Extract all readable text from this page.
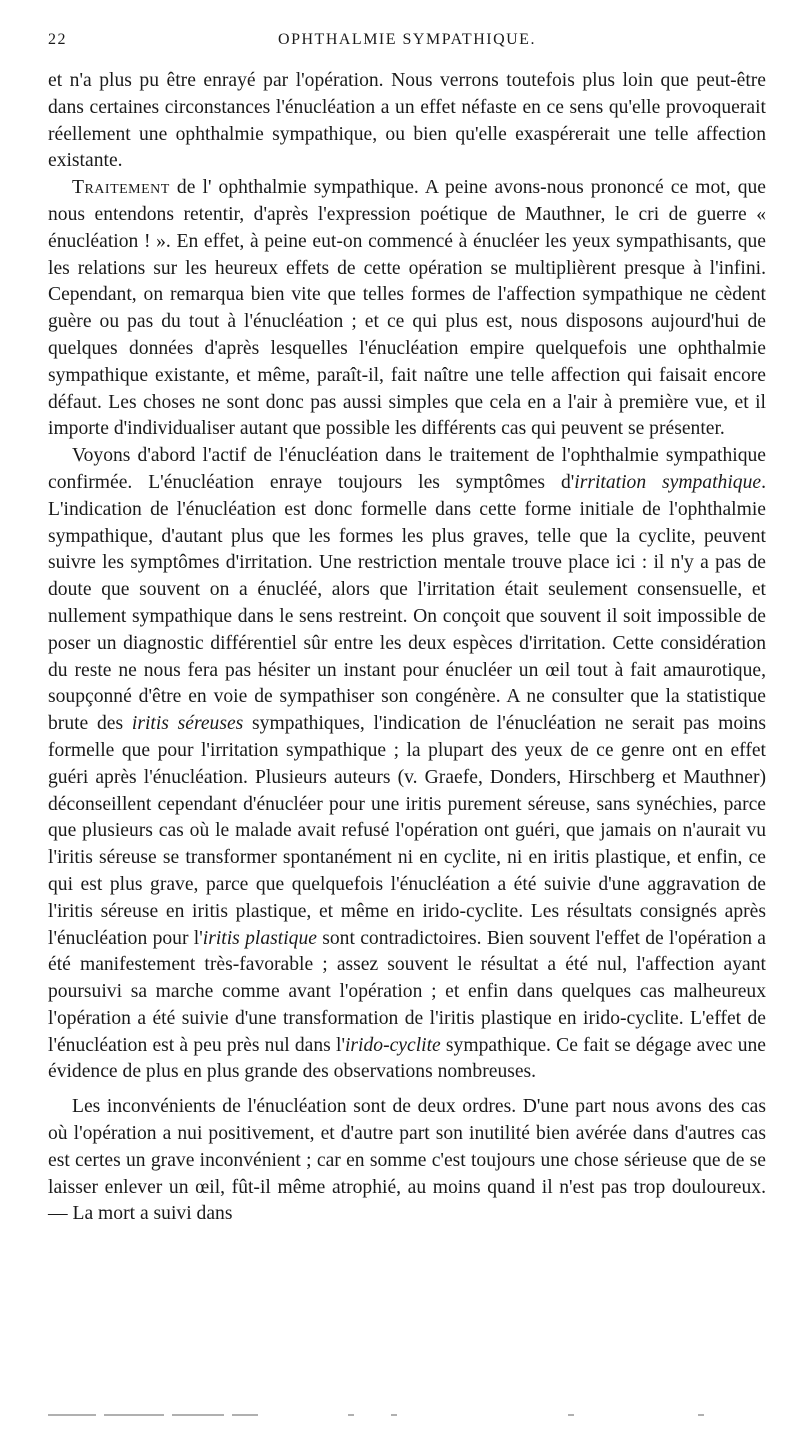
22	OPHTHALMIE SYMPATHIQUE.

et n'a plus pu être enrayé par l'opération. Nous verrons toutefois plus loin que peut-être dans certaines circonstances l'énucléation a un effet néfaste en ce sens qu'elle provoquerait réellement une ophthalmie sympathique, ou bien qu'elle exaspérerait une telle affection existante.

Traitement de l' ophthalmie sympathique. A peine avons-nous prononcé ce mot, que nous entendons retentir, d'après l'expression poétique de Mauthner, le cri de guerre « énucléation ! ». En effet, à peine eut-on commencé à énucléer les yeux sympathisants, que les relations sur les heureux effets de cette opération se multiplièrent presque à l'infini. Cependant, on remarqua bien vite que telles formes de l'affection sympathique ne cèdent guère ou pas du tout à l'énucléation ; et ce qui plus est, nous disposons aujourd'hui de quelques données d'après lesquelles l'énucléation empire quelquefois une ophthalmie sympathique existante, et même, paraît-il, fait naître une telle affection qui faisait encore défaut. Les choses ne sont donc pas aussi simples que cela en a l'air à première vue, et il importe d'individualiser autant que possible les différents cas qui peuvent se présenter.

Voyons d'abord l'actif de l'énucléation dans le traitement de l'ophthalmie sympathique confirmée. L'énucléation enraye toujours les symptômes d'irritation sympathique. L'indication de l'énucléation est donc formelle dans cette forme initiale de l'ophthalmie sympathique, d'autant plus que les formes les plus graves, telle que la cyclite, peuvent suivre les symptômes d'irritation. Une restriction mentale trouve place ici : il n'y a pas de doute que souvent on a énucléé, alors que l'irritation était seulement consensuelle, et nullement sympathique dans le sens restreint. On conçoit que souvent il soit impossible de poser un diagnostic différentiel sûr entre les deux espèces d'irritation. Cette considération du reste ne nous fera pas hésiter un instant pour énucléer un œil tout à fait amaurotique, soupçonné d'être en voie de sympathiser son congénère. A ne consulter que la statistique brute des iritis séreuses sympathiques, l'indication de l'énucléation ne serait pas moins formelle que pour l'irritation sympathique ; la plupart des yeux de ce genre ont en effet guéri après l'énucléation. Plusieurs auteurs (v. Graefe, Donders, Hirschberg et Mauthner) déconseillent cependant d'énucléer pour une iritis purement séreuse, sans synéchies, parce que plusieurs cas où le malade avait refusé l'opération ont guéri, que jamais on n'aurait vu l'iritis séreuse se transformer spontanément ni en cyclite, ni en iritis plastique, et enfin, ce qui est plus grave, parce que quelquefois l'énucléation a été suivie d'une aggravation de l'iritis séreuse en iritis plastique, et même en irido-cyclite. Les résultats consignés après l'énucléation pour l'iritis plastique sont contradictoires. Bien souvent l'effet de l'opération a été manifestement très-favorable ; assez souvent le résultat a été nul, l'affection ayant poursuivi sa marche comme avant l'opération ; et enfin dans quelques cas malheureux l'opération a été suivie d'une transformation de l'iritis plastique en irido-cyclite. L'effet de l'énucléation est à peu près nul dans l'irido-cyclite sympathique. Ce fait se dégage avec une évidence de plus en plus grande des observations nombreuses.

Les inconvénients de l'énucléation sont de deux ordres. D'une part nous avons des cas où l'opération a nui positivement, et d'autre part son inutilité bien avérée dans d'autres cas est certes un grave inconvénient ; car en somme c'est toujours une chose sérieuse que de se laisser enlever un œil, fût-il même atrophié, au moins quand il n'est pas trop douloureux. — La mort a suivi dans
